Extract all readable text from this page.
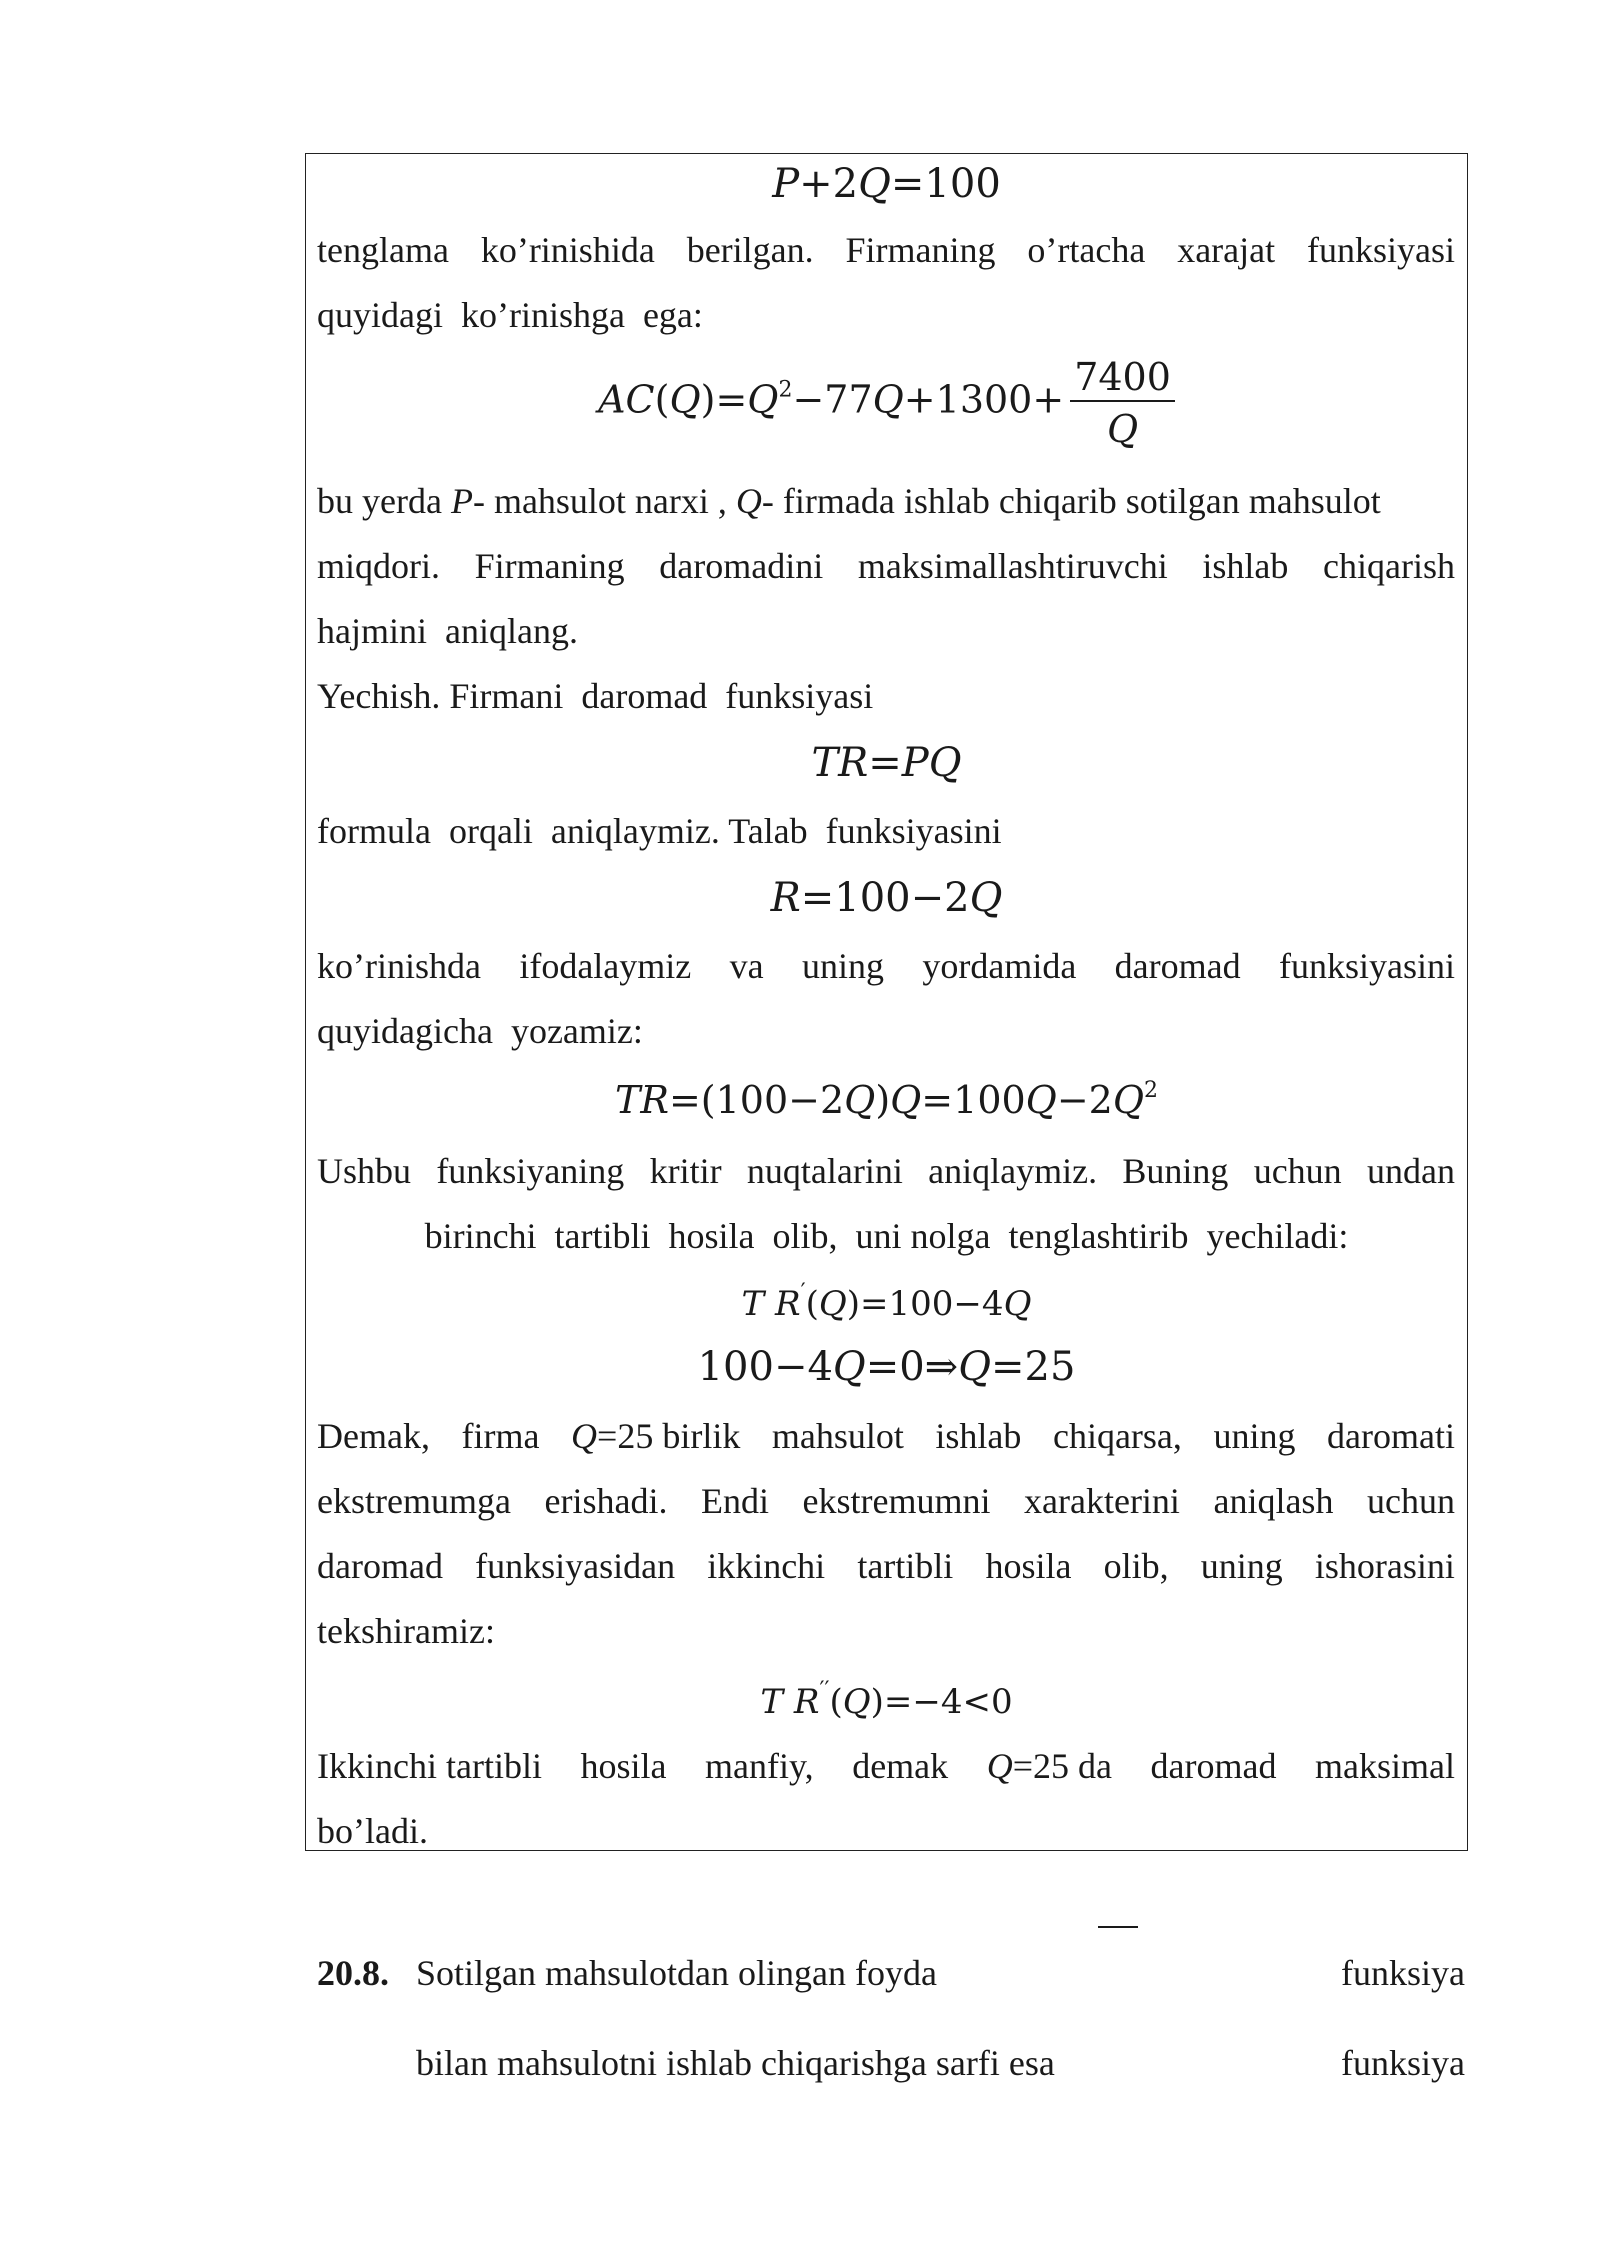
P+2Q=100
tenglama ko’rinishida berilgan. Firmaning o’rtacha xarajat funksiyasi
quyidagi  ko’rinishga  ega:
$AC(Q)=Q^2-77Q+1300+ \frac{7400}{Q}$
bu yerda P- mahsulot narxi , Q- firmada ishlab chiqarib sotilgan mahsulot
miqdori. Firmaning daromadini maksimallashtiruvchi ishlab chiqarish
hajmini  aniqlang.
Yechish. Firmani  daromad  funksiyasi
TR=PQ
formula  orqali  aniqlaymiz. Talab  funksiyasini
R=100−2Q
ko’rinishda ifodalaymiz va uning yordamida daromad funksiyasini
quyidagicha  yozamiz:
$TR=(100-2Q)Q=100Q-2Q^2$
Ushbu funksiyaning kritir nuqtalarini aniqlaymiz. Buning uchun undan
birinchi  tartibli  hosila  olib,  uni nolga  tenglashtirib  yechiladi:
T R′(Q)=100−4Q
100−4Q=0⇒Q=25
Demak, firma Q=25 birlik mahsulot ishlab chiqarsa, uning daromati
ekstremumga erishadi. Endi ekstremumni xarakterini aniqlash uchun
daromad funksiyasidan ikkinchi tartibli hosila olib, uning ishorasini
tekshiramiz:
T R′′(Q)=−4<0
Ikkinchi tartibli hosila manfiy, demak Q=25 da daromad maksimal
bo’ladi.
20.8. Sotilgan mahsulotdan olingan foyda	funksiya
bilan mahsulotni ishlab chiqarishga sarfi esa	funksiya
